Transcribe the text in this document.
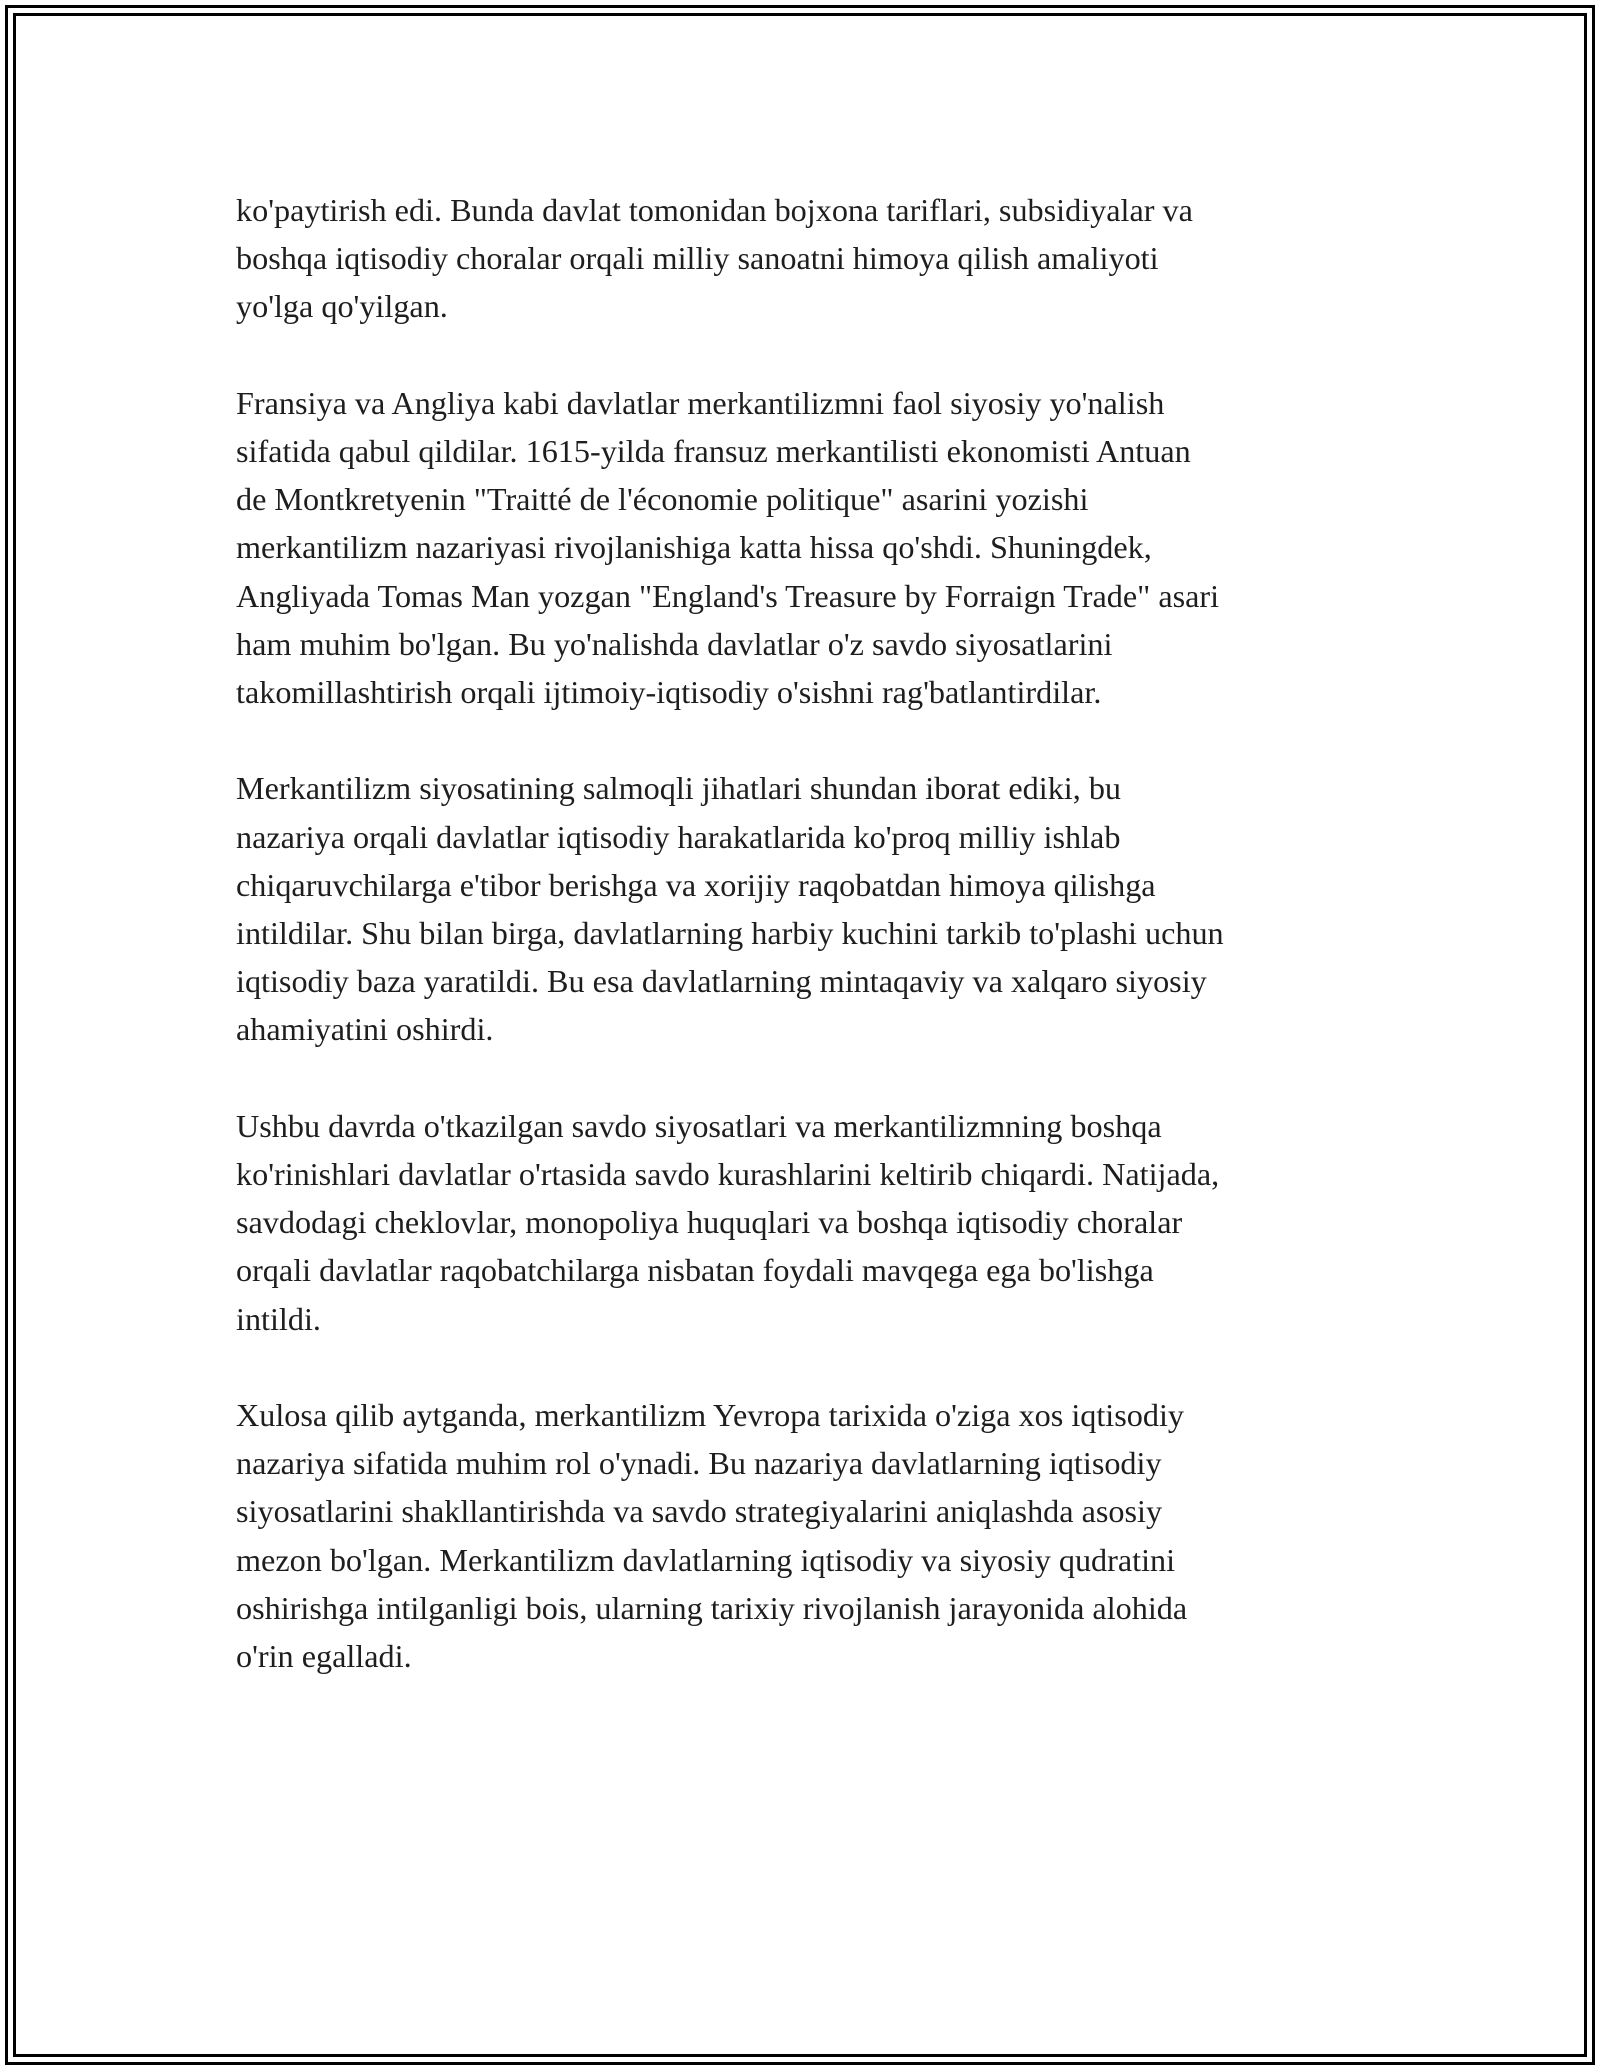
ko'paytirish edi. Bunda davlat tomonidan bojxona tariflari, subsidiyalar va
boshqa iqtisodiy choralar orqali milliy sanoatni himoya qilish amaliyoti
yo'lga qo'yilgan.
Fransiya va Angliya kabi davlatlar merkantilizmni faol siyosiy yo'nalish
sifatida qabul qildilar. 1615-yilda fransuz merkantilisti ekonomisti Antuan
de Montkretyenin "Traitté de l'économie politique" asarini yozishi
merkantilizm nazariyasi rivojlanishiga katta hissa qo'shdi. Shuningdek,
Angliyada Tomas Man yozgan "England's Treasure by Forraign Trade" asari
ham muhim bo'lgan. Bu yo'nalishda davlatlar o'z savdo siyosatlarini
takomillashtirish orqali ijtimoiy-iqtisodiy o'sishni rag'batlantirdilar.
Merkantilizm siyosatining salmoqli jihatlari shundan iborat ediki, bu
nazariya orqali davlatlar iqtisodiy harakatlarida ko'proq milliy ishlab
chiqaruvchilarga e'tibor berishga va xorijiy raqobatdan himoya qilishga
intildilar. Shu bilan birga, davlatlarning harbiy kuchini tarkib to'plashi uchun
iqtisodiy baza yaratildi. Bu esa davlatlarning mintaqaviy va xalqaro siyosiy
ahamiyatini oshirdi.
Ushbu davrda o'tkazilgan savdo siyosatlari va merkantilizmning boshqa
ko'rinishlari davlatlar o'rtasida savdo kurashlarini keltirib chiqardi. Natijada,
savdodagi cheklovlar, monopoliya huquqlari va boshqa iqtisodiy choralar
orqali davlatlar raqobatchilarga nisbatan foydali mavqega ega bo'lishga
intildi.
Xulosa qilib aytganda, merkantilizm Yevropa tarixida o'ziga xos iqtisodiy
nazariya sifatida muhim rol o'ynadi. Bu nazariya davlatlarning iqtisodiy
siyosatlarini shakllantirishda va savdo strategiyalarini aniqlashda asosiy
mezon bo'lgan. Merkantilizm davlatlarning iqtisodiy va siyosiy qudratini
oshirishga intilganligi bois, ularning tarixiy rivojlanish jarayonida alohida
o'rin egalladi.
